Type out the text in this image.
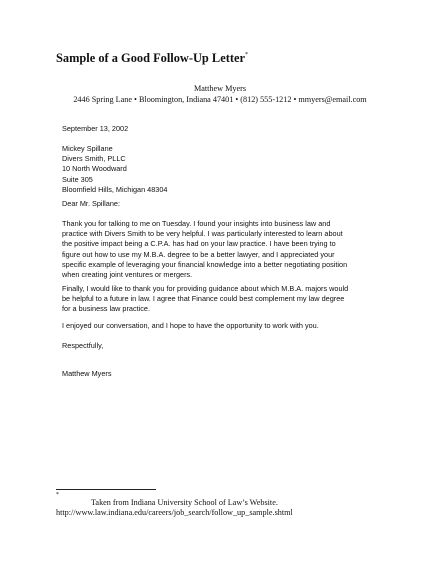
Sample of a Good Follow-Up Letter*
Matthew Myers
2446 Spring Lane • Bloomington, Indiana 47401 • (812) 555-1212 • mmyers@email.com
September 13, 2002
Mickey Spillane
Divers Smith, PLLC
10 North Woodward
Suite 305
Bloomfield Hills, Michigan 48304
Dear Mr. Spillane:
Thank you for talking to me on Tuesday. I found your insights into business law and
practice with Divers Smith to be very helpful. I was particularly interested to learn about
the positive impact being a C.P.A. has had on your law practice. I have been trying to
figure out how to use my M.B.A. degree to be a better lawyer, and I appreciated your
specific example of leveraging your financial knowledge into a better negotiating position
when creating joint ventures or mergers.
Finally, I would like to thank you for providing guidance about which M.B.A. majors would
be helpful to a future in law. I agree that Finance could best complement my law degree
for a business law practice.
I enjoyed our conversation, and I hope to have the opportunity to work with you.
Respectfully,
Matthew Myers
*
Taken from Indiana University School of Law’s Website.
http://www.law.indiana.edu/careers/job_search/follow_up_sample.shtml
